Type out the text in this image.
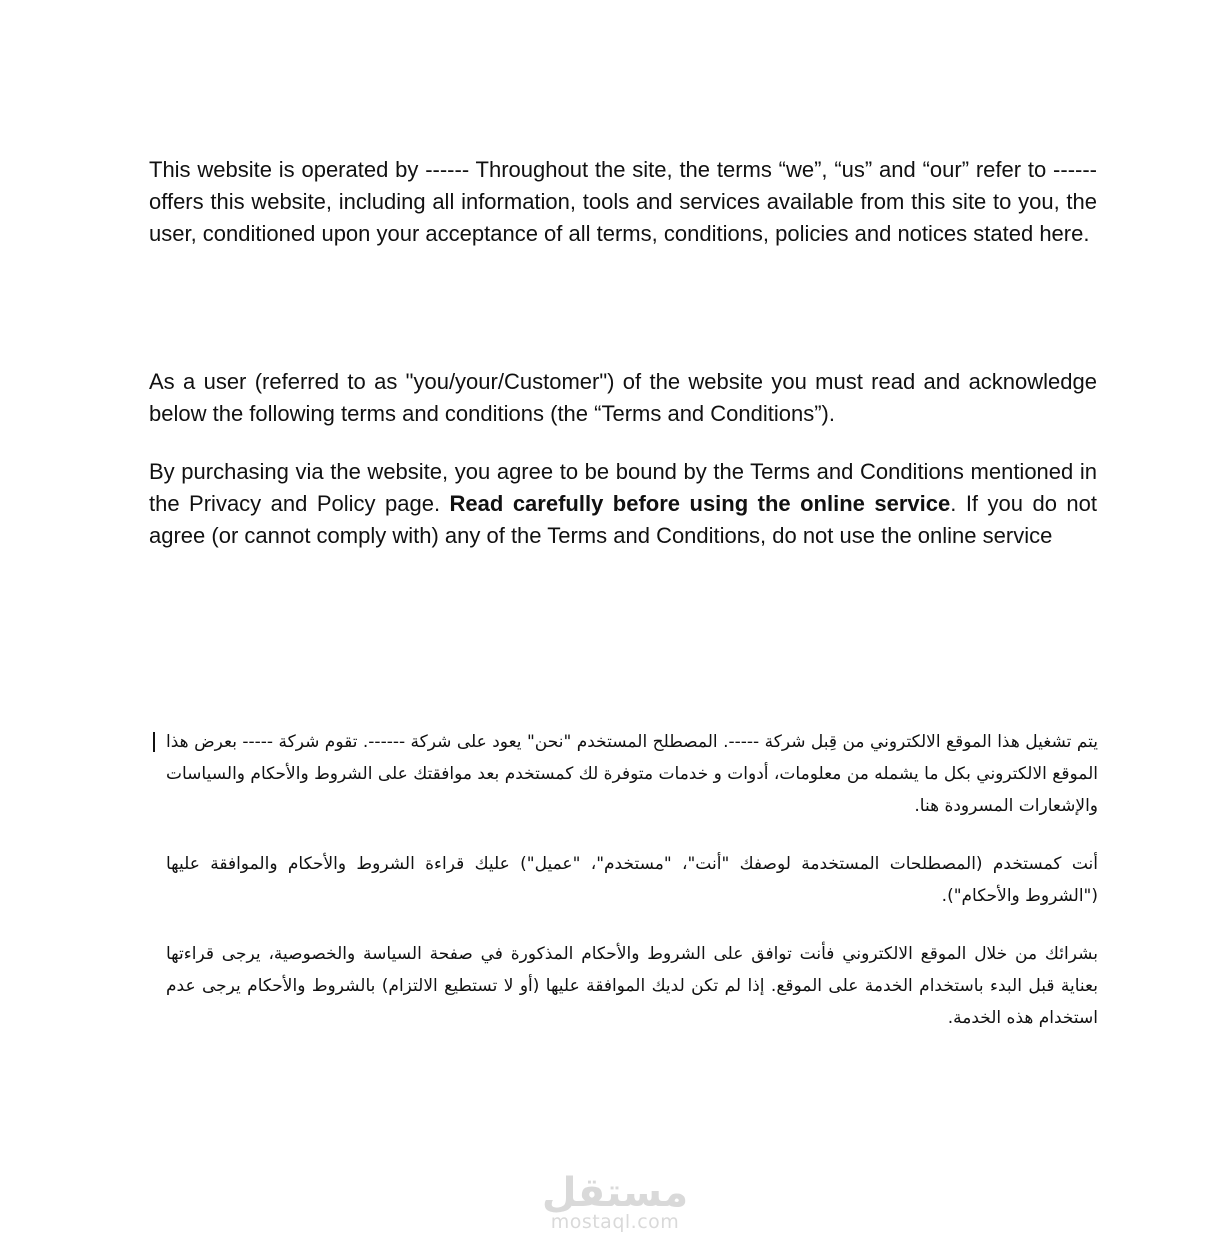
This website is operated by ------ Throughout the site, the terms “we”, “us” and “our” refer to ------ offers this website, including all information, tools and services available from this site to you, the user, conditioned upon your acceptance of all terms, conditions, policies and notices stated here.

As a user (referred to as "you/your/Customer") of the website you must read and acknowledge below the following terms and conditions (the “Terms and Conditions”).

By purchasing via the website, you agree to be bound by the Terms and Conditions mentioned in the Privacy and Policy page. Read carefully before using the online service. If you do not agree (or cannot comply with) any of the Terms and Conditions, do not use the online service

يتم تشغيل هذا الموقع الالكتروني من قِبل شركة -----. المصطلح المستخدم "نحن" يعود على شركة ------. تقوم شركة ----- بعرض هذا الموقع الالكتروني بكل ما يشمله من معلومات، أدوات و خدمات متوفرة لك كمستخدم بعد موافقتك على الشروط والأحكام والسياسات والإشعارات المسرودة هنا.

أنت كمستخدم (المصطلحات المستخدمة لوصفك "أنت"، "مستخدم"، "عميل") عليك قراءة الشروط والأحكام والموافقة عليها ("الشروط والأحكام").

بشرائك من خلال الموقع الالكتروني فأنت توافق على الشروط والأحكام المذكورة في صفحة السياسة والخصوصية، يرجى قراءتها بعناية قبل البدء باستخدام الخدمة على الموقع. إذا لم تكن لديك الموافقة عليها (أو لا تستطيع الالتزام) بالشروط والأحكام يرجى عدم استخدام هذه الخدمة.

مستقل
mostaql.com
